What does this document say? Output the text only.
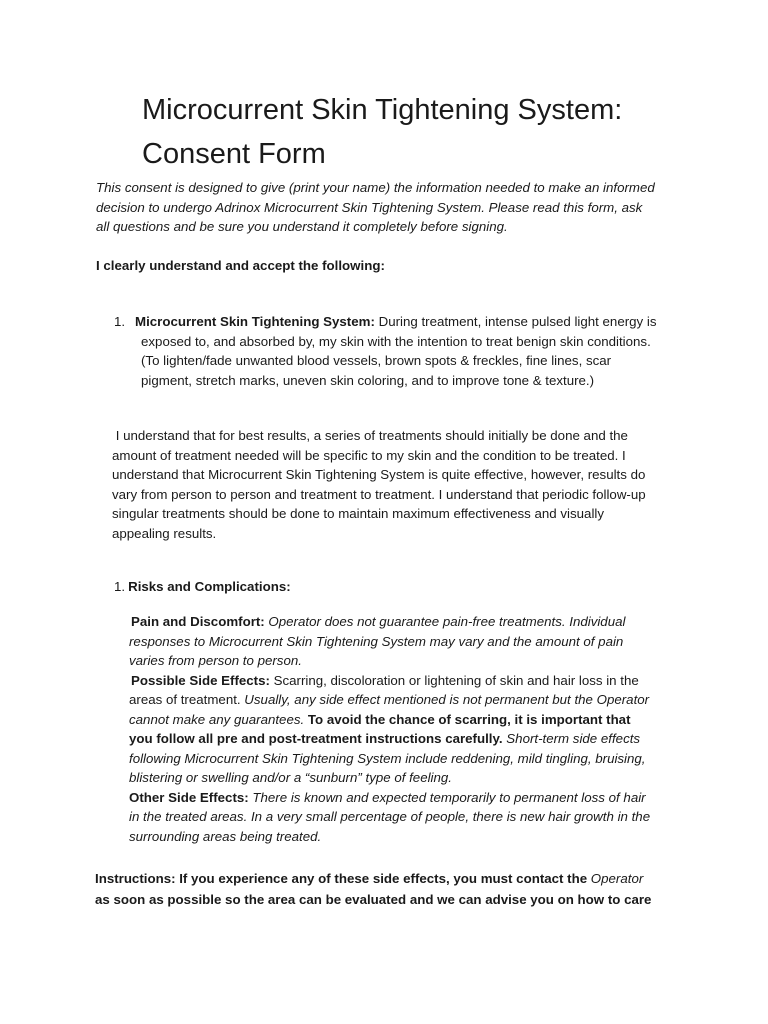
Microcurrent Skin Tightening System:
Consent Form

This consent is designed to give (print your name) the information needed to make an informed
decision to undergo Adrinox Microcurrent Skin Tightening System. Please read this form, ask
all questions and be sure you understand it completely before signing.

I clearly understand and accept the following:

1. Microcurrent Skin Tightening System: During treatment, intense pulsed light energy is
exposed to, and absorbed by, my skin with the intention to treat benign skin conditions.
(To lighten/fade unwanted blood vessels, brown spots & freckles, fine lines, scar
pigment, stretch marks, uneven skin coloring, and to improve tone & texture.)

I understand that for best results, a series of treatments should initially be done and the
amount of treatment needed will be specific to my skin and the condition to be treated. I
understand that Microcurrent Skin Tightening System is quite effective, however, results do
vary from person to person and treatment to treatment. I understand that periodic follow-up
singular treatments should be done to maintain maximum effectiveness and visually
appealing results.

1. Risks and Complications:
Pain and Discomfort: Operator does not guarantee pain-free treatments. Individual
responses to Microcurrent Skin Tightening System may vary and the amount of pain
varies from person to person.
Possible Side Effects: Scarring, discoloration or lightening of skin and hair loss in the
areas of treatment. Usually, any side effect mentioned is not permanent but the Operator
cannot make any guarantees. To avoid the chance of scarring, it is important that
you follow all pre and post-treatment instructions carefully. Short-term side effects
following Microcurrent Skin Tightening System include reddening, mild tingling, bruising,
blistering or swelling and/or a “sunburn” type of feeling.
Other Side Effects: There is known and expected temporarily to permanent loss of hair
in the treated areas. In a very small percentage of people, there is new hair growth in the
surrounding areas being treated.

Instructions: If you experience any of these side effects, you must contact the Operator
as soon as possible so the area can be evaluated and we can advise you on how to care
